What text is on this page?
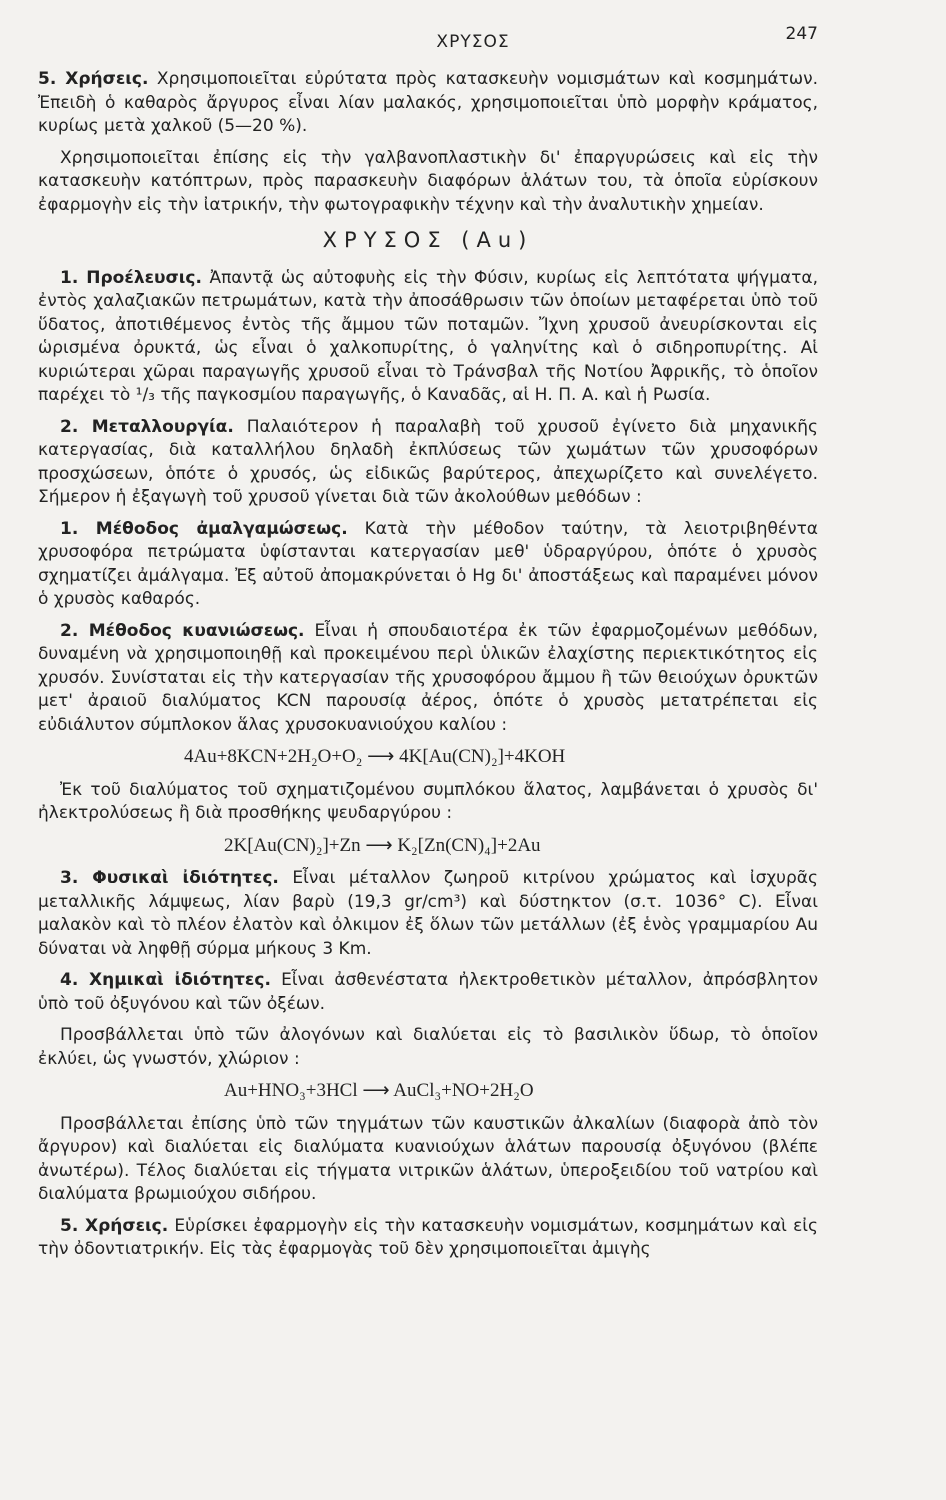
ΧΡΥΣΟΣ	247

5. Χρήσεις. Χρησιμοποιεῖται εὐρύτατα πρὸς κατασκευὴν νομισμάτων καὶ κοσμημάτων. Ἐπειδὴ ὁ καθαρὸς ἄργυρος εἶναι λίαν μαλακός, χρησιμοποιεῖται ὑπὸ μορφὴν κράματος, κυρίως μετὰ χαλκοῦ (5—20 %).

Χρησιμοποιεῖται ἐπίσης εἰς τὴν γαλβανοπλαστικὴν δι' ἐπαργυρώσεις καὶ εἰς τὴν κατασκευὴν κατόπτρων, πρὸς παρασκευὴν διαφόρων ἁλάτων του, τὰ ὁποῖα εὑρίσκουν ἐφαρμογὴν εἰς τὴν ἰατρικήν, τὴν φωτογραφικὴν τέχνην καὶ τὴν ἀναλυτικὴν χημείαν.

ΧΡΥΣΟΣ (Au)

1. Προέλευσις. Ἀπαντᾷ ὡς αὐτοφυὴς εἰς τὴν Φύσιν, κυρίως εἰς λεπτότατα ψήγματα, ἐντὸς χαλαζιακῶν πετρωμάτων, κατὰ τὴν ἀποσάθρωσιν τῶν ὁποίων μεταφέρεται ὑπὸ τοῦ ὕδατος, ἀποτιθέμενος ἐντὸς τῆς ἄμμου τῶν ποταμῶν. Ἴχνη χρυσοῦ ἀνευρίσκονται εἰς ὡρισμένα ὀρυκτά, ὡς εἶναι ὁ χαλκοπυρίτης, ὁ γαληνίτης καὶ ὁ σιδηροπυρίτης. Αἱ κυριώτεραι χῶραι παραγωγῆς χρυσοῦ εἶναι τὸ Τράνσβαλ τῆς Νοτίου Ἀφρικῆς, τὸ ὁποῖον παρέχει τὸ ¹/₃ τῆς παγκοσμίου παραγωγῆς, ὁ Καναδᾶς, αἱ Η. Π. Α. καὶ ἡ Ρωσία.

2. Μεταλλουργία. Παλαιότερον ἡ παραλαβὴ τοῦ χρυσοῦ ἐγίνετο διὰ μηχανικῆς κατεργασίας, διὰ καταλλήλου δηλαδὴ ἐκπλύσεως τῶν χωμάτων τῶν χρυσοφόρων προσχώσεων, ὁπότε ὁ χρυσός, ὡς εἰδικῶς βαρύτερος, ἀπεχωρίζετο καὶ συνελέγετο. Σήμερον ἡ ἐξαγωγὴ τοῦ χρυσοῦ γίνεται διὰ τῶν ἀκολούθων μεθόδων :

1. Μέθοδος ἀμαλγαμώσεως. Κατὰ τὴν μέθοδον ταύτην, τὰ λειοτριβηθέντα χρυσοφόρα πετρώματα ὑφίστανται κατεργασίαν μεθ' ὑδραργύρου, ὁπότε ὁ χρυσὸς σχηματίζει ἀμάλγαμα. Ἐξ αὐτοῦ ἀπομακρύνεται ὁ Hg δι' ἀποστάξεως καὶ παραμένει μόνον ὁ χρυσὸς καθαρός.

2. Μέθοδος κυανιώσεως. Εἶναι ἡ σπουδαιοτέρα ἐκ τῶν ἐφαρμοζομένων μεθόδων, δυναμένη νὰ χρησιμοποιηθῇ καὶ προκειμένου περὶ ὑλικῶν ἐλαχίστης περιεκτικότητος εἰς χρυσόν. Συνίσταται εἰς τὴν κατεργασίαν τῆς χρυσοφόρου ἄμμου ἢ τῶν θειούχων ὀρυκτῶν μετ' ἀραιοῦ διαλύματος KCN παρουσίᾳ ἀέρος, ὁπότε ὁ χρυσὸς μετατρέπεται εἰς εὐδιάλυτον σύμπλοκον ἅλας χρυσοκυανιούχου καλίου :

4Au+8KCN+2H₂O+O₂ ⟶ 4K[Au(CN)₂]+4KOH

Ἐκ τοῦ διαλύματος τοῦ σχηματιζομένου συμπλόκου ἅλατος, λαμβάνεται ὁ χρυσὸς δι' ἠλεκτρολύσεως ἢ διὰ προσθήκης ψευδαργύρου :

2K[Au(CN)₂]+Zn ⟶ K₂[Zn(CN)₄]+2Au

3. Φυσικαὶ ἰδιότητες. Εἶναι μέταλλον ζωηροῦ κιτρίνου χρώματος καὶ ἰσχυρᾶς μεταλλικῆς λάμψεως, λίαν βαρὺ (19,3 gr/cm³) καὶ δύστηκτον (σ.τ. 1036° C). Εἶναι μαλακὸν καὶ τὸ πλέον ἐλατὸν καὶ ὀλκιμον ἐξ ὅλων τῶν μετάλλων (ἐξ ἑνὸς γραμμαρίου Au δύναται νὰ ληφθῇ σύρμα μήκους 3 Km.

4. Χημικαὶ ἰδιότητες. Εἶναι ἀσθενέστατα ἠλεκτροθετικὸν μέταλλον, ἀπρόσβλητον ὑπὸ τοῦ ὀξυγόνου καὶ τῶν ὀξέων.

Προσβάλλεται ὑπὸ τῶν ἀλογόνων καὶ διαλύεται εἰς τὸ βασιλικὸν ὕδωρ, τὸ ὁποῖον ἐκλύει, ὡς γνωστόν, χλώριον :

Au+HNO₃+3HCl ⟶ AuCl₃+NO+2H₂O

Προσβάλλεται ἐπίσης ὑπὸ τῶν τηγμάτων τῶν καυστικῶν ἀλκαλίων (διαφορὰ ἀπὸ τὸν ἄργυρον) καὶ διαλύεται εἰς διαλύματα κυανιούχων ἁλάτων παρουσίᾳ ὀξυγόνου (βλέπε ἀνωτέρω). Τέλος διαλύεται εἰς τήγματα νιτρικῶν ἁλάτων, ὑπεροξειδίου τοῦ νατρίου καὶ διαλύματα βρωμιούχου σιδήρου.

5. Χρήσεις. Εὑρίσκει ἐφαρμογὴν εἰς τὴν κατασκευὴν νομισμάτων, κοσμημάτων καὶ εἰς τὴν ὀδοντιατρικήν. Εἰς τὰς ἐφαρμογὰς τοῦ δὲν χρησιμοποιεῖται ἀμιγὴς
